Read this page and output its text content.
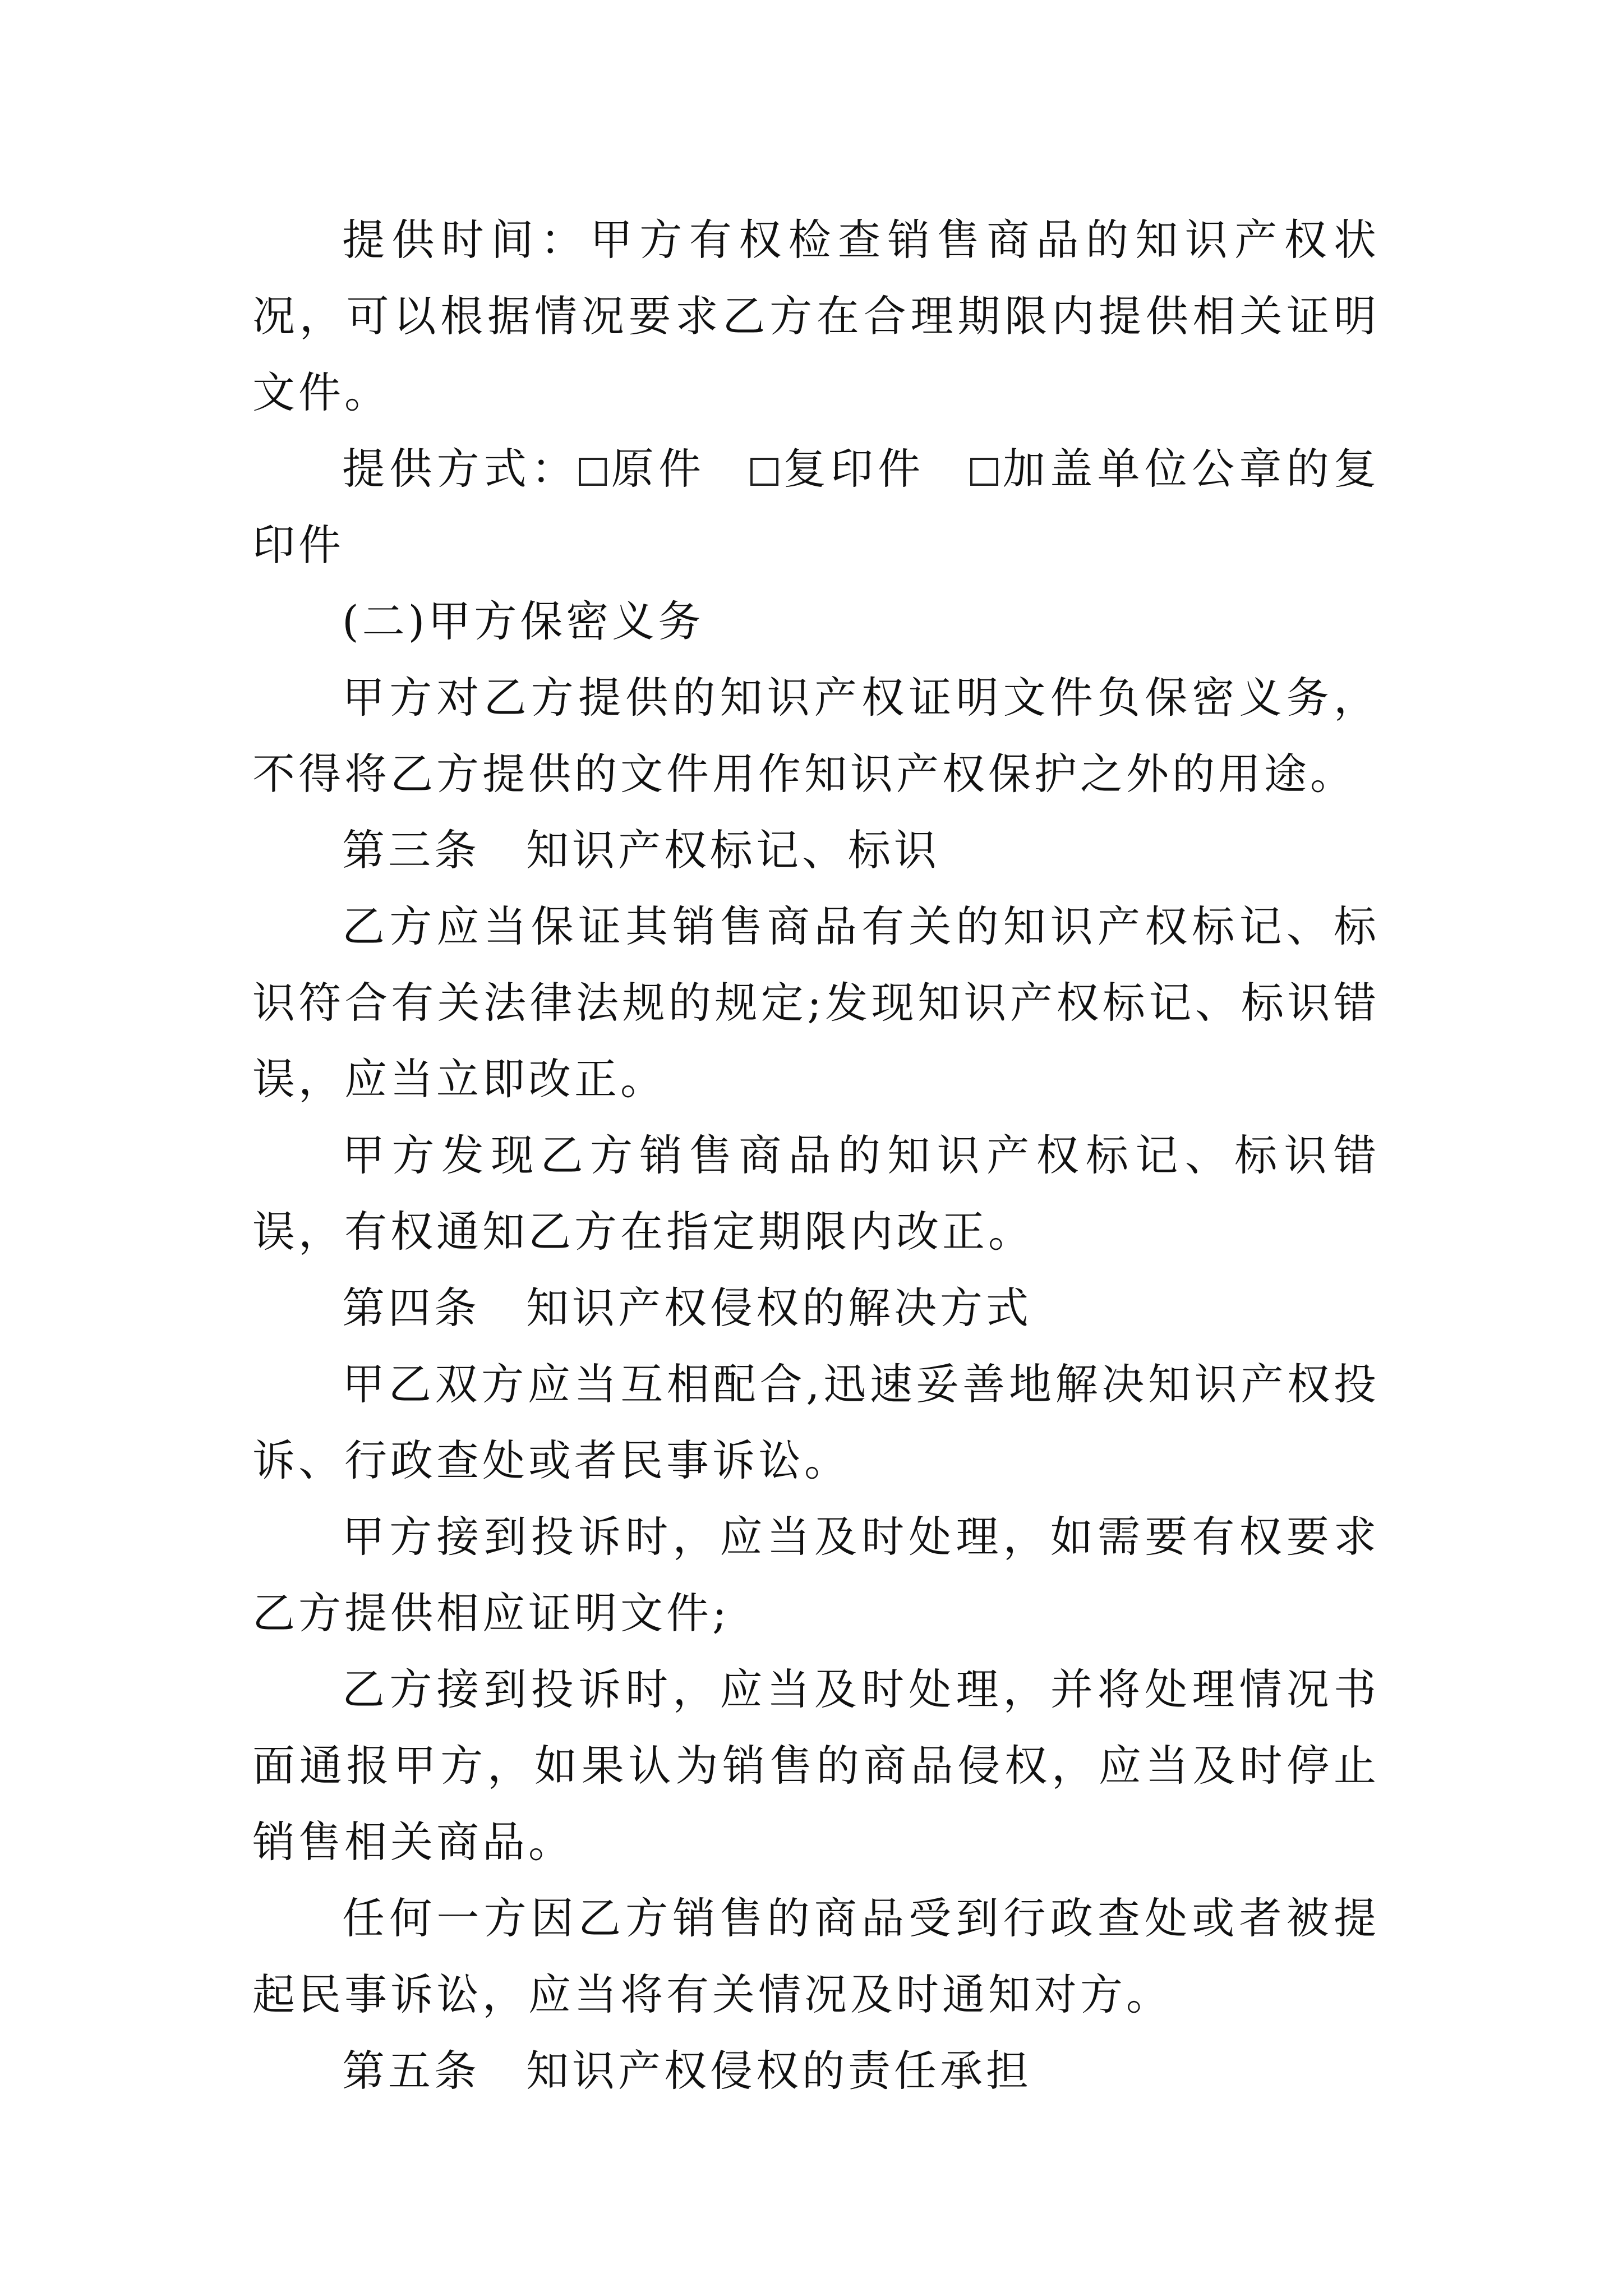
提供时间：甲方有权检查销售商品的知识产权状况，可以根据情况要求乙方在合理期限内提供相关证明文件。

提供方式： 原件 复印件 加盖单位公章的复印件

(二)甲方保密义务

甲方对乙方提供的知识产权证明文件负保密义务，不得将乙方提供的文件用作知识产权保护之外的用途。

第三条　知识产权标记、标识

乙方应当保证其销售商品有关的知识产权标记、标识符合有关法律法规的规定;发现知识产权标记、标识错误，应当立即改正。

甲方发现乙方销售商品的知识产权标记、标识错误，有权通知乙方在指定期限内改正。

第四条　知识产权侵权的解决方式

甲乙双方应当互相配合,迅速妥善地解决知识产权投诉、行政查处或者民事诉讼。

甲方接到投诉时，应当及时处理，如需要有权要求乙方提供相应证明文件;

乙方接到投诉时，应当及时处理，并将处理情况书面通报甲方，如果认为销售的商品侵权，应当及时停止销售相关商品。

任何一方因乙方销售的商品受到行政查处或者被提起民事诉讼，应当将有关情况及时通知对方。

第五条　知识产权侵权的责任承担
